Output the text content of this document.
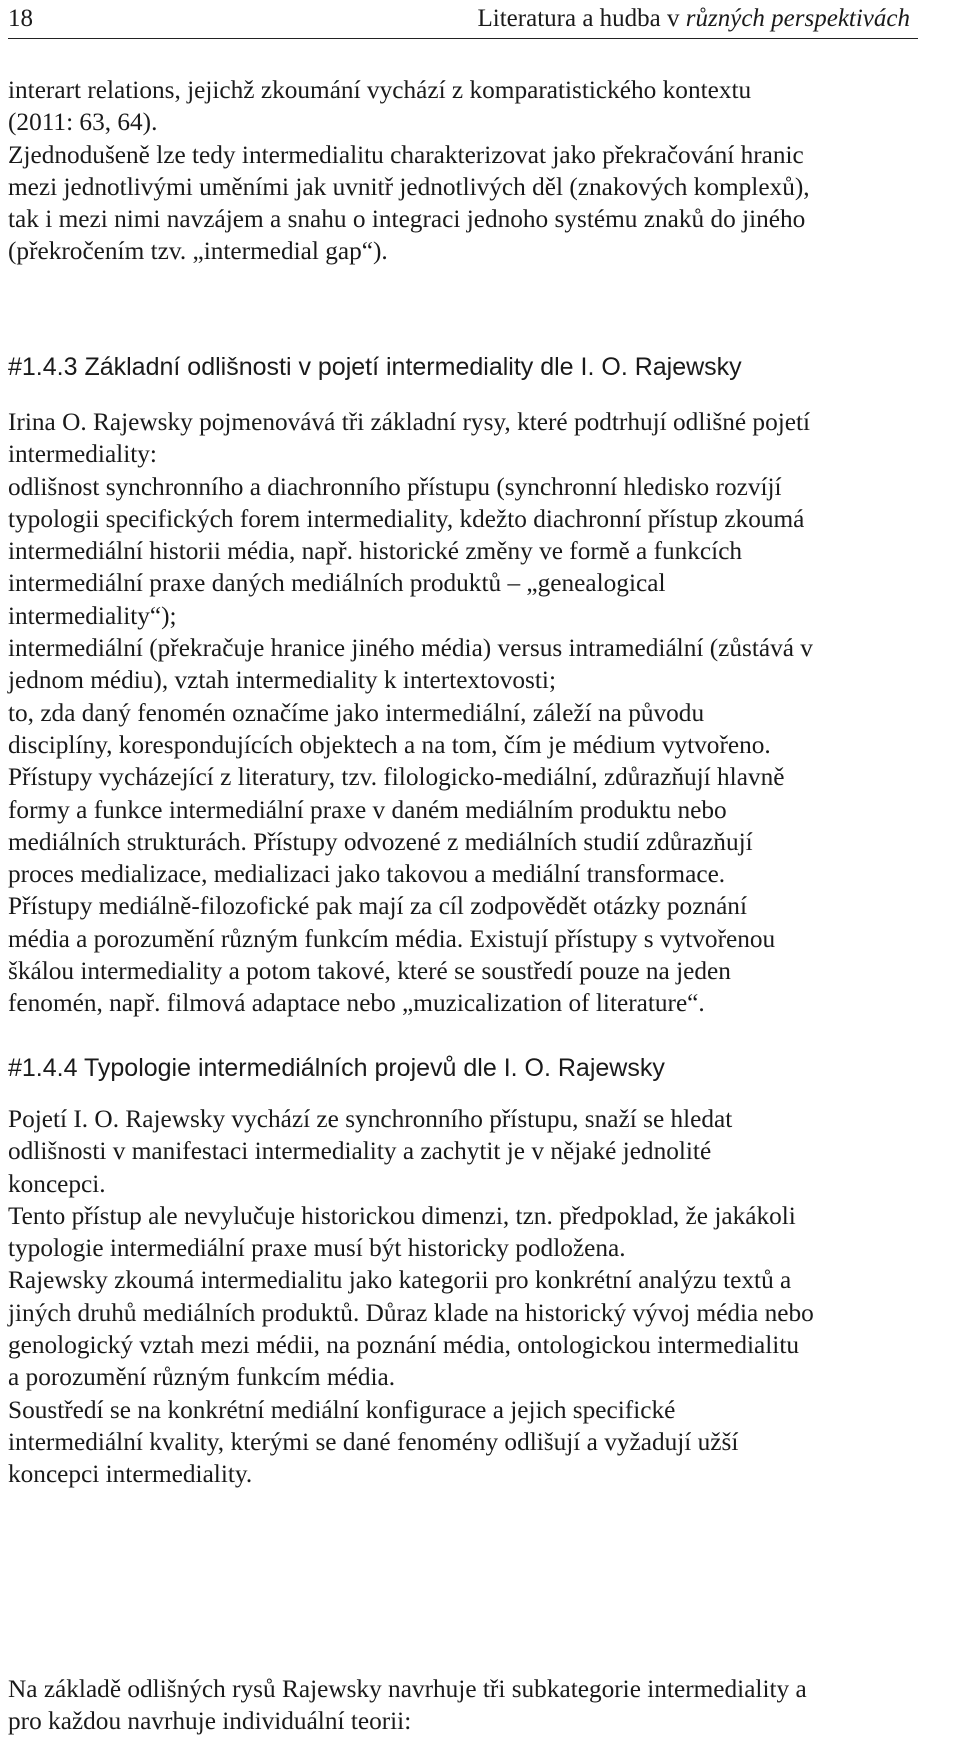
18	Literatura a hudba v různých perspektivách
interart relations, jejichž zkoumání vychází z komparatistického kontextu
(2011: 63, 64).
Zjednodušeně lze tedy intermedialitu charakterizovat jako překračování hranic
mezi jednotlivými uměními jak uvnitř jednotlivých děl (znakových komplexů),
tak i mezi nimi navzájem a snahu o integraci jednoho systému znaků do jiného
(překročením tzv. „intermedial gap“).
#1.4.3 Základní odlišnosti v pojetí intermediality dle I. O. Rajewsky
Irina O. Rajewsky pojmenovává tři základní rysy, které podtrhují odlišné pojetí
intermediality:
odlišnost synchronního a diachronního přístupu (synchronní hledisko rozvíjí
typologii specifických forem intermediality, kdežto diachronní přístup zkoumá
intermediální historii média, např. historické změny ve formě a funkcích
intermediální praxe daných mediálních produktů – „genealogical
intermediality“);
intermediální (překračuje hranice jiného média) versus intramediální (zůstává v
jednom médiu), vztah intermediality k intertextovosti;
to, zda daný fenomén označíme jako intermediální, záleží na původu
disciplíny, korespondujících objektech a na tom, čím je médium vytvořeno.
Přístupy vycházející z literatury, tzv. filologicko-mediální, zdůrazňují hlavně
formy a funkce intermediální praxe v daném mediálním produktu nebo
mediálních strukturách. Přístupy odvozené z mediálních studií zdůrazňují
proces medializace, medializaci jako takovou a mediální transformace.
Přístupy mediálně-filozofické pak mají za cíl zodpovědět otázky poznání
média a porozumění různým funkcím média. Existují přístupy s vytvořenou
škálou intermediality a potom takové, které se soustředí pouze na jeden
fenomén, např. filmová adaptace nebo „muzicalization of literature“.
#1.4.4 Typologie intermediálních projevů dle I. O. Rajewsky
Pojetí I. O. Rajewsky vychází ze synchronního přístupu, snaží se hledat
odlišnosti v manifestaci intermediality a zachytit je v nějaké jednolité
koncepci.
Tento přístup ale nevylučuje historickou dimenzi, tzn. předpoklad, že jakákoli
typologie intermediální praxe musí být historicky podložena.
Rajewsky zkoumá intermedialitu jako kategorii pro konkrétní analýzu textů a
jiných druhů mediálních produktů. Důraz klade na historický vývoj média nebo
genologický vztah mezi médii, na poznání média, ontologickou intermedialitu
a porozumění různým funkcím média.
Soustředí se na konkrétní mediální konfigurace a jejich specifické
intermediální kvality, kterými se dané fenomény odlišují a vyžadují užší
koncepci intermediality.
Na základě odlišných rysů Rajewsky navrhuje tři subkategorie intermediality a
pro každou navrhuje individuální teorii:
